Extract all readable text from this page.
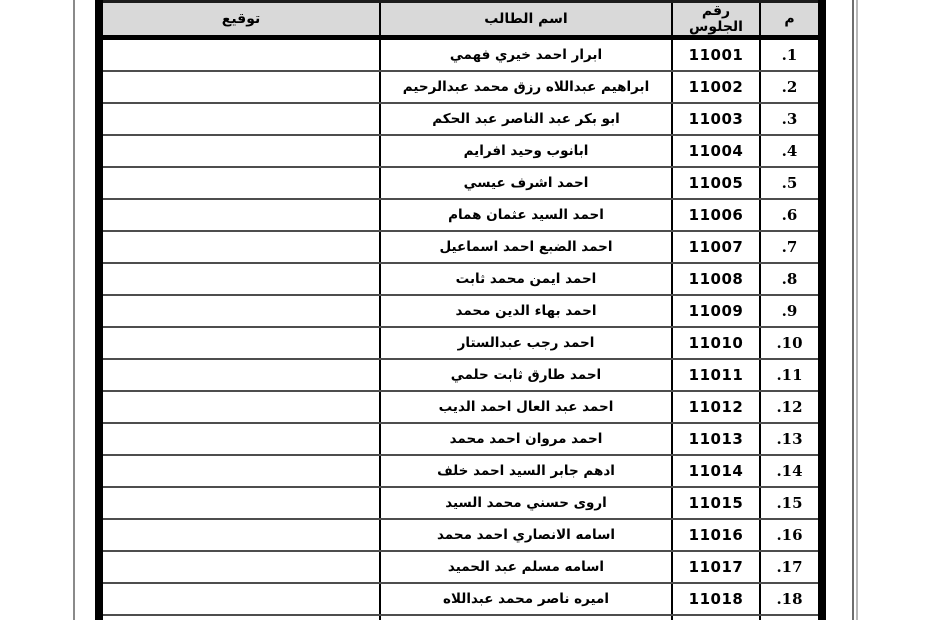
م	رقم الجلوس	اسم الطالب	توقيع
.1	11001	ابرار احمد خيري فهمي	
.2	11002	ابراهيم عبداللاه رزق محمد عبدالرحيم	
.3	11003	ابو بكر عبد الناصر عبد الحكم	
.4	11004	ابانوب وحيد افرايم	
.5	11005	احمد اشرف عيسي	
.6	11006	احمد السيد عثمان همام	
.7	11007	احمد الضبع احمد اسماعيل	
.8	11008	احمد ايمن محمد ثابت	
.9	11009	احمد بهاء الدين محمد	
.10	11010	احمد رجب عبدالستار	
.11	11011	احمد طارق ثابت حلمي	
.12	11012	احمد عبد العال احمد الديب	
.13	11013	احمد مروان احمد محمد	
.14	11014	ادهم جابر السيد احمد خلف	
.15	11015	اروى حسني محمد السيد	
.16	11016	اسامه الانصاري احمد محمد	
.17	11017	اسامه مسلم عبد الحميد	
.18	11018	اميره ناصر محمد عبداللاه	
